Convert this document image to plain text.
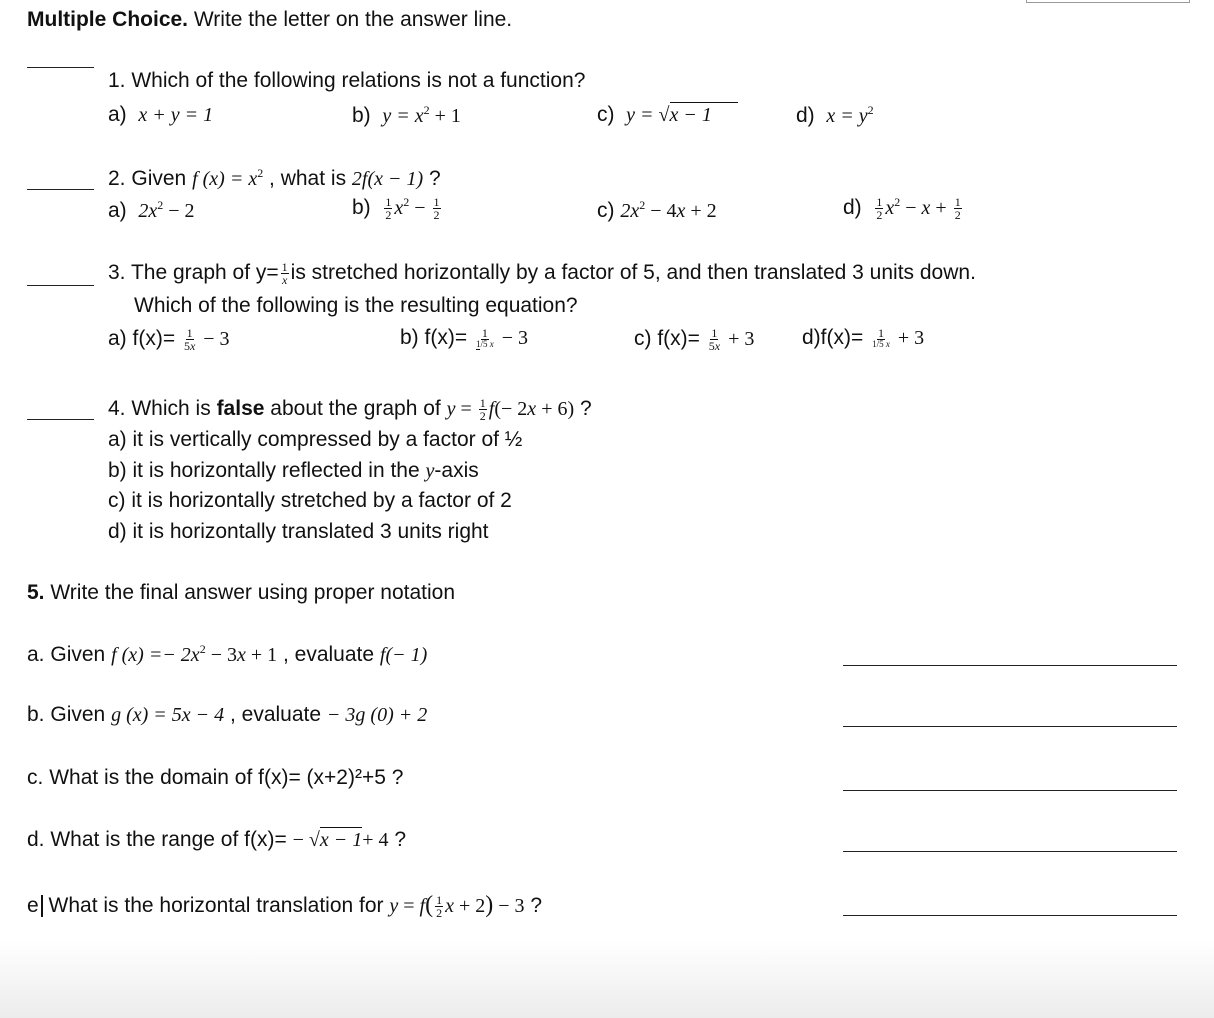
Multiple Choice. Write the letter on the answer line.
1. Which of the following relations is not a function?
a) x + y = 1	b) $y = x^2 + 1$	c) y = √x − 1	d) $x = y^2$
2. Given f $(x) = x^2$ , what is 2f(x − 1) ?
a) $2x^2 - 2$	$b) \frac{1}{2} x^2 - \frac{1}{2}$	c) $2x^2 - 4x + 2$	$d) \frac{1}{2} x^2 - x + \frac{1}{2}$
3. The graph of $y= \frac{1}{x}$ is stretched horizontally by a factor of 5, and then translated 3 units down.
Which of the following is the resulting equation?
a) $f(x)= \frac{1}{5x} - 3$	b) $f(x)= \frac{1}{1/5 x} - 3$	c) $f(x)= \frac{1}{5x} + 3$ $d)f(x)= \frac{1}{1/5 x} + 3$
4. Which is false about the graph of $y = \frac{1}{2} f(- 2x + 6)$ ?
a) it is vertically compressed by a factor of ½
b) it is horizontally reflected in the y-axis
c) it is horizontally stretched by a factor of 2
d) it is horizontally translated 3 units right
5. Write the final answer using proper notation
a. Given f $(x) =- 2x^2 - 3x + 1$ , evaluate f(− 1)
b. Given g (x) = 5x − 4 , evaluate − 3g (0) + 2
c. What is the domain of f(x)= (x+2)²+5 ?
d. What is the range of f(x)= − √x − 1+ 4 ?
e What is the horizontal translation for $y = f( \frac{1}{2}$ x + 2) − 3 ?
